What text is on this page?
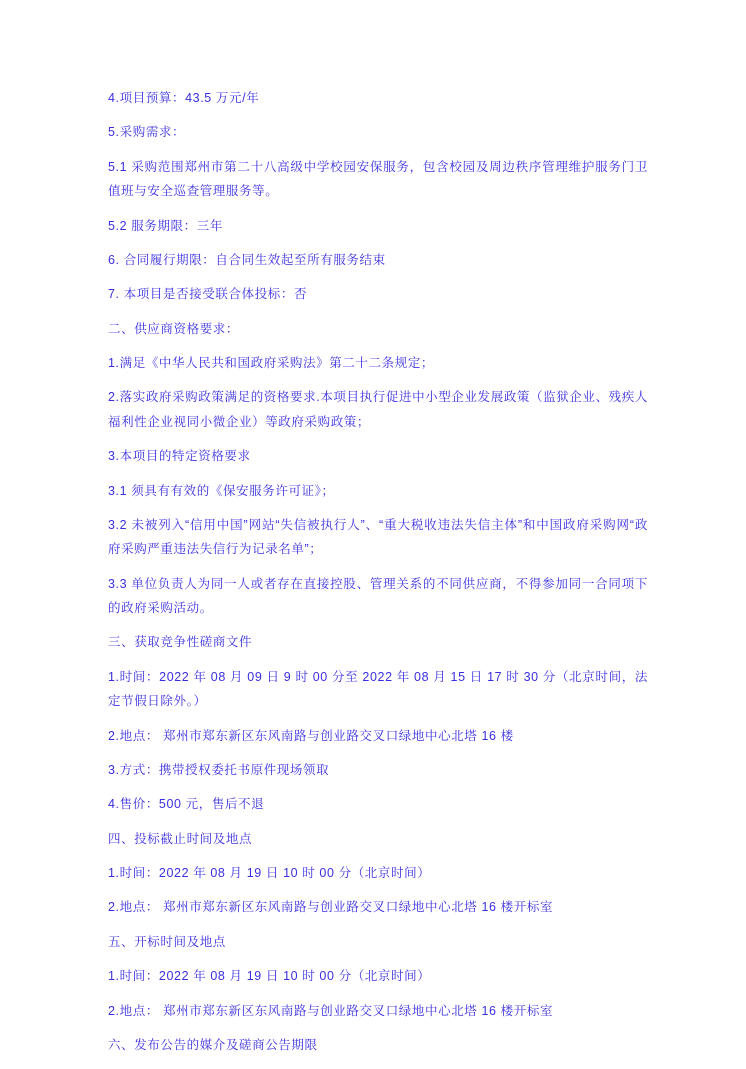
4.项目预算：43.5 万元/年

5.采购需求：

5.1 采购范围郑州市第二十八高级中学校园安保服务，包含校园及周边秩序管理维护服务门卫值班与安全巡查管理服务等。

5.2 服务期限：三年

6. 合同履行期限：自合同生效起至所有服务结束

7. 本项目是否接受联合体投标：否

二、供应商资格要求：

1.满足《中华人民共和国政府采购法》第二十二条规定；

2.落实政府采购政策满足的资格要求.本项目执行促进中小型企业发展政策（监狱企业、残疾人福利性企业视同小微企业）等政府采购政策；

3.本项目的特定资格要求

3.1 须具有有效的《保安服务许可证》；

3.2 未被列入“信用中国”网站“失信被执行人”、“重大税收违法失信主体”和中国政府采购网“政府采购严重违法失信行为记录名单”；

3.3 单位负责人为同一人或者存在直接控股、管理关系的不同供应商，不得参加同一合同项下的政府采购活动。

三、获取竞争性磋商文件

1.时间：2022 年 08 月 09 日 9 时 00 分至 2022 年 08 月 15 日 17 时 30 分（北京时间，法定节假日除外。）

2.地点： 郑州市郑东新区东风南路与创业路交叉口绿地中心北塔 16 楼

3.方式：携带授权委托书原件现场领取

4.售价：500 元，售后不退

四、投标截止时间及地点

1.时间：2022 年 08 月 19 日 10 时 00 分（北京时间）

2.地点： 郑州市郑东新区东风南路与创业路交叉口绿地中心北塔 16 楼开标室

五、开标时间及地点

1.时间：2022 年 08 月 19 日 10 时 00 分（北京时间）

2.地点： 郑州市郑东新区东风南路与创业路交叉口绿地中心北塔 16 楼开标室

六、发布公告的媒介及磋商公告期限
